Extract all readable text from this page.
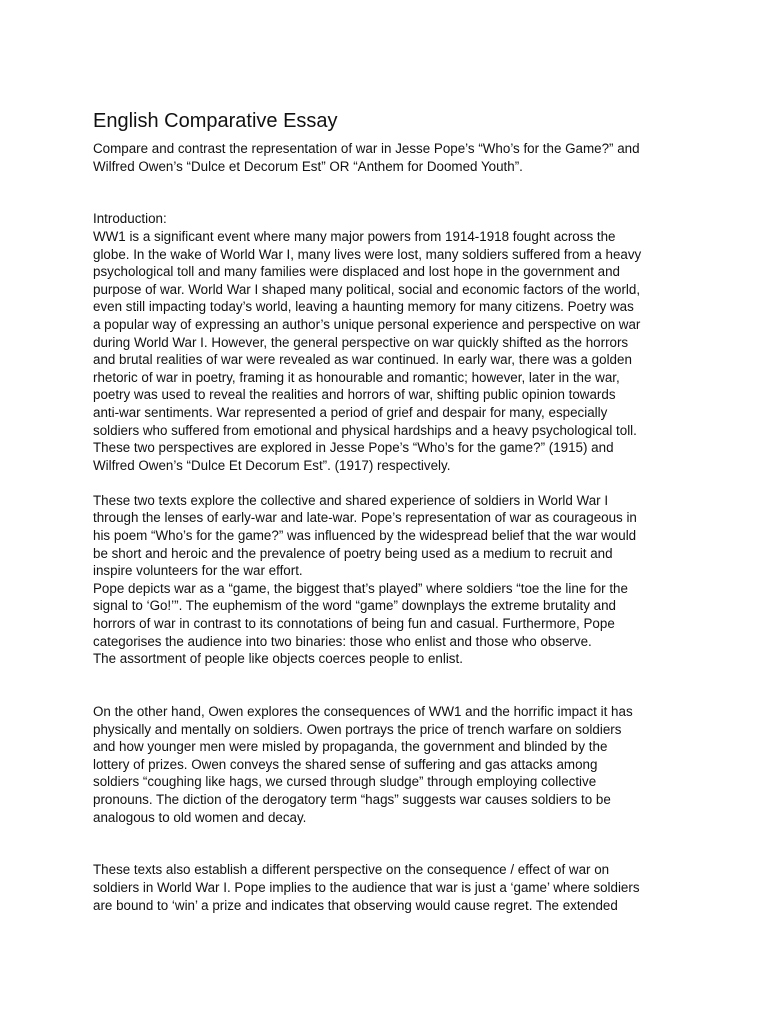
English Comparative Essay
Compare and contrast the representation of war in Jesse Pope’s “Who’s for the Game?” and
Wilfred Owen’s “Dulce et Decorum Est” OR “Anthem for Doomed Youth”.
Introduction:
WW1 is a significant event where many major powers from 1914-1918 fought across the
globe. In the wake of World War I, many lives were lost, many soldiers suffered from a heavy
psychological toll and many families were displaced and lost hope in the government and
purpose of war. World War I shaped many political, social and economic factors of the world,
even still impacting today’s world, leaving a haunting memory for many citizens. Poetry was
a popular way of expressing an author’s unique personal experience and perspective on war
during World War I. However, the general perspective on war quickly shifted as the horrors
and brutal realities of war were revealed as war continued. In early war, there was a golden
rhetoric of war in poetry, framing it as honourable and romantic; however, later in the war,
poetry was used to reveal the realities and horrors of war, shifting public opinion towards
anti-war sentiments. War represented a period of grief and despair for many, especially
soldiers who suffered from emotional and physical hardships and a heavy psychological toll.
These two perspectives are explored in Jesse Pope’s “Who’s for the game?” (1915) and
Wilfred Owen’s “Dulce Et Decorum Est”. (1917) respectively.
These two texts explore the collective and shared experience of soldiers in World War I
through the lenses of early-war and late-war. Pope’s representation of war as courageous in
his poem “Who’s for the game?” was influenced by the widespread belief that the war would
be short and heroic and the prevalence of poetry being used as a medium to recruit and
inspire volunteers for the war effort.
Pope depicts war as a “game, the biggest that’s played” where soldiers “toe the line for the
signal to ‘Go!’”. The euphemism of the word “game” downplays the extreme brutality and
horrors of war in contrast to its connotations of being fun and casual. Furthermore, Pope
categorises the audience into two binaries: those who enlist and those who observe.
The assortment of people like objects coerces people to enlist.
On the other hand, Owen explores the consequences of WW1 and the horrific impact it has
physically and mentally on soldiers. Owen portrays the price of trench warfare on soldiers
and how younger men were misled by propaganda, the government and blinded by the
lottery of prizes. Owen conveys the shared sense of suffering and gas attacks among
soldiers “coughing like hags, we cursed through sludge” through employing collective
pronouns. The diction of the derogatory term “hags” suggests war causes soldiers to be
analogous to old women and decay.
These texts also establish a different perspective on the consequence / effect of war on
soldiers in World War I. Pope implies to the audience that war is just a ‘game’ where soldiers
are bound to ‘win’ a prize and indicates that observing would cause regret. The extended
